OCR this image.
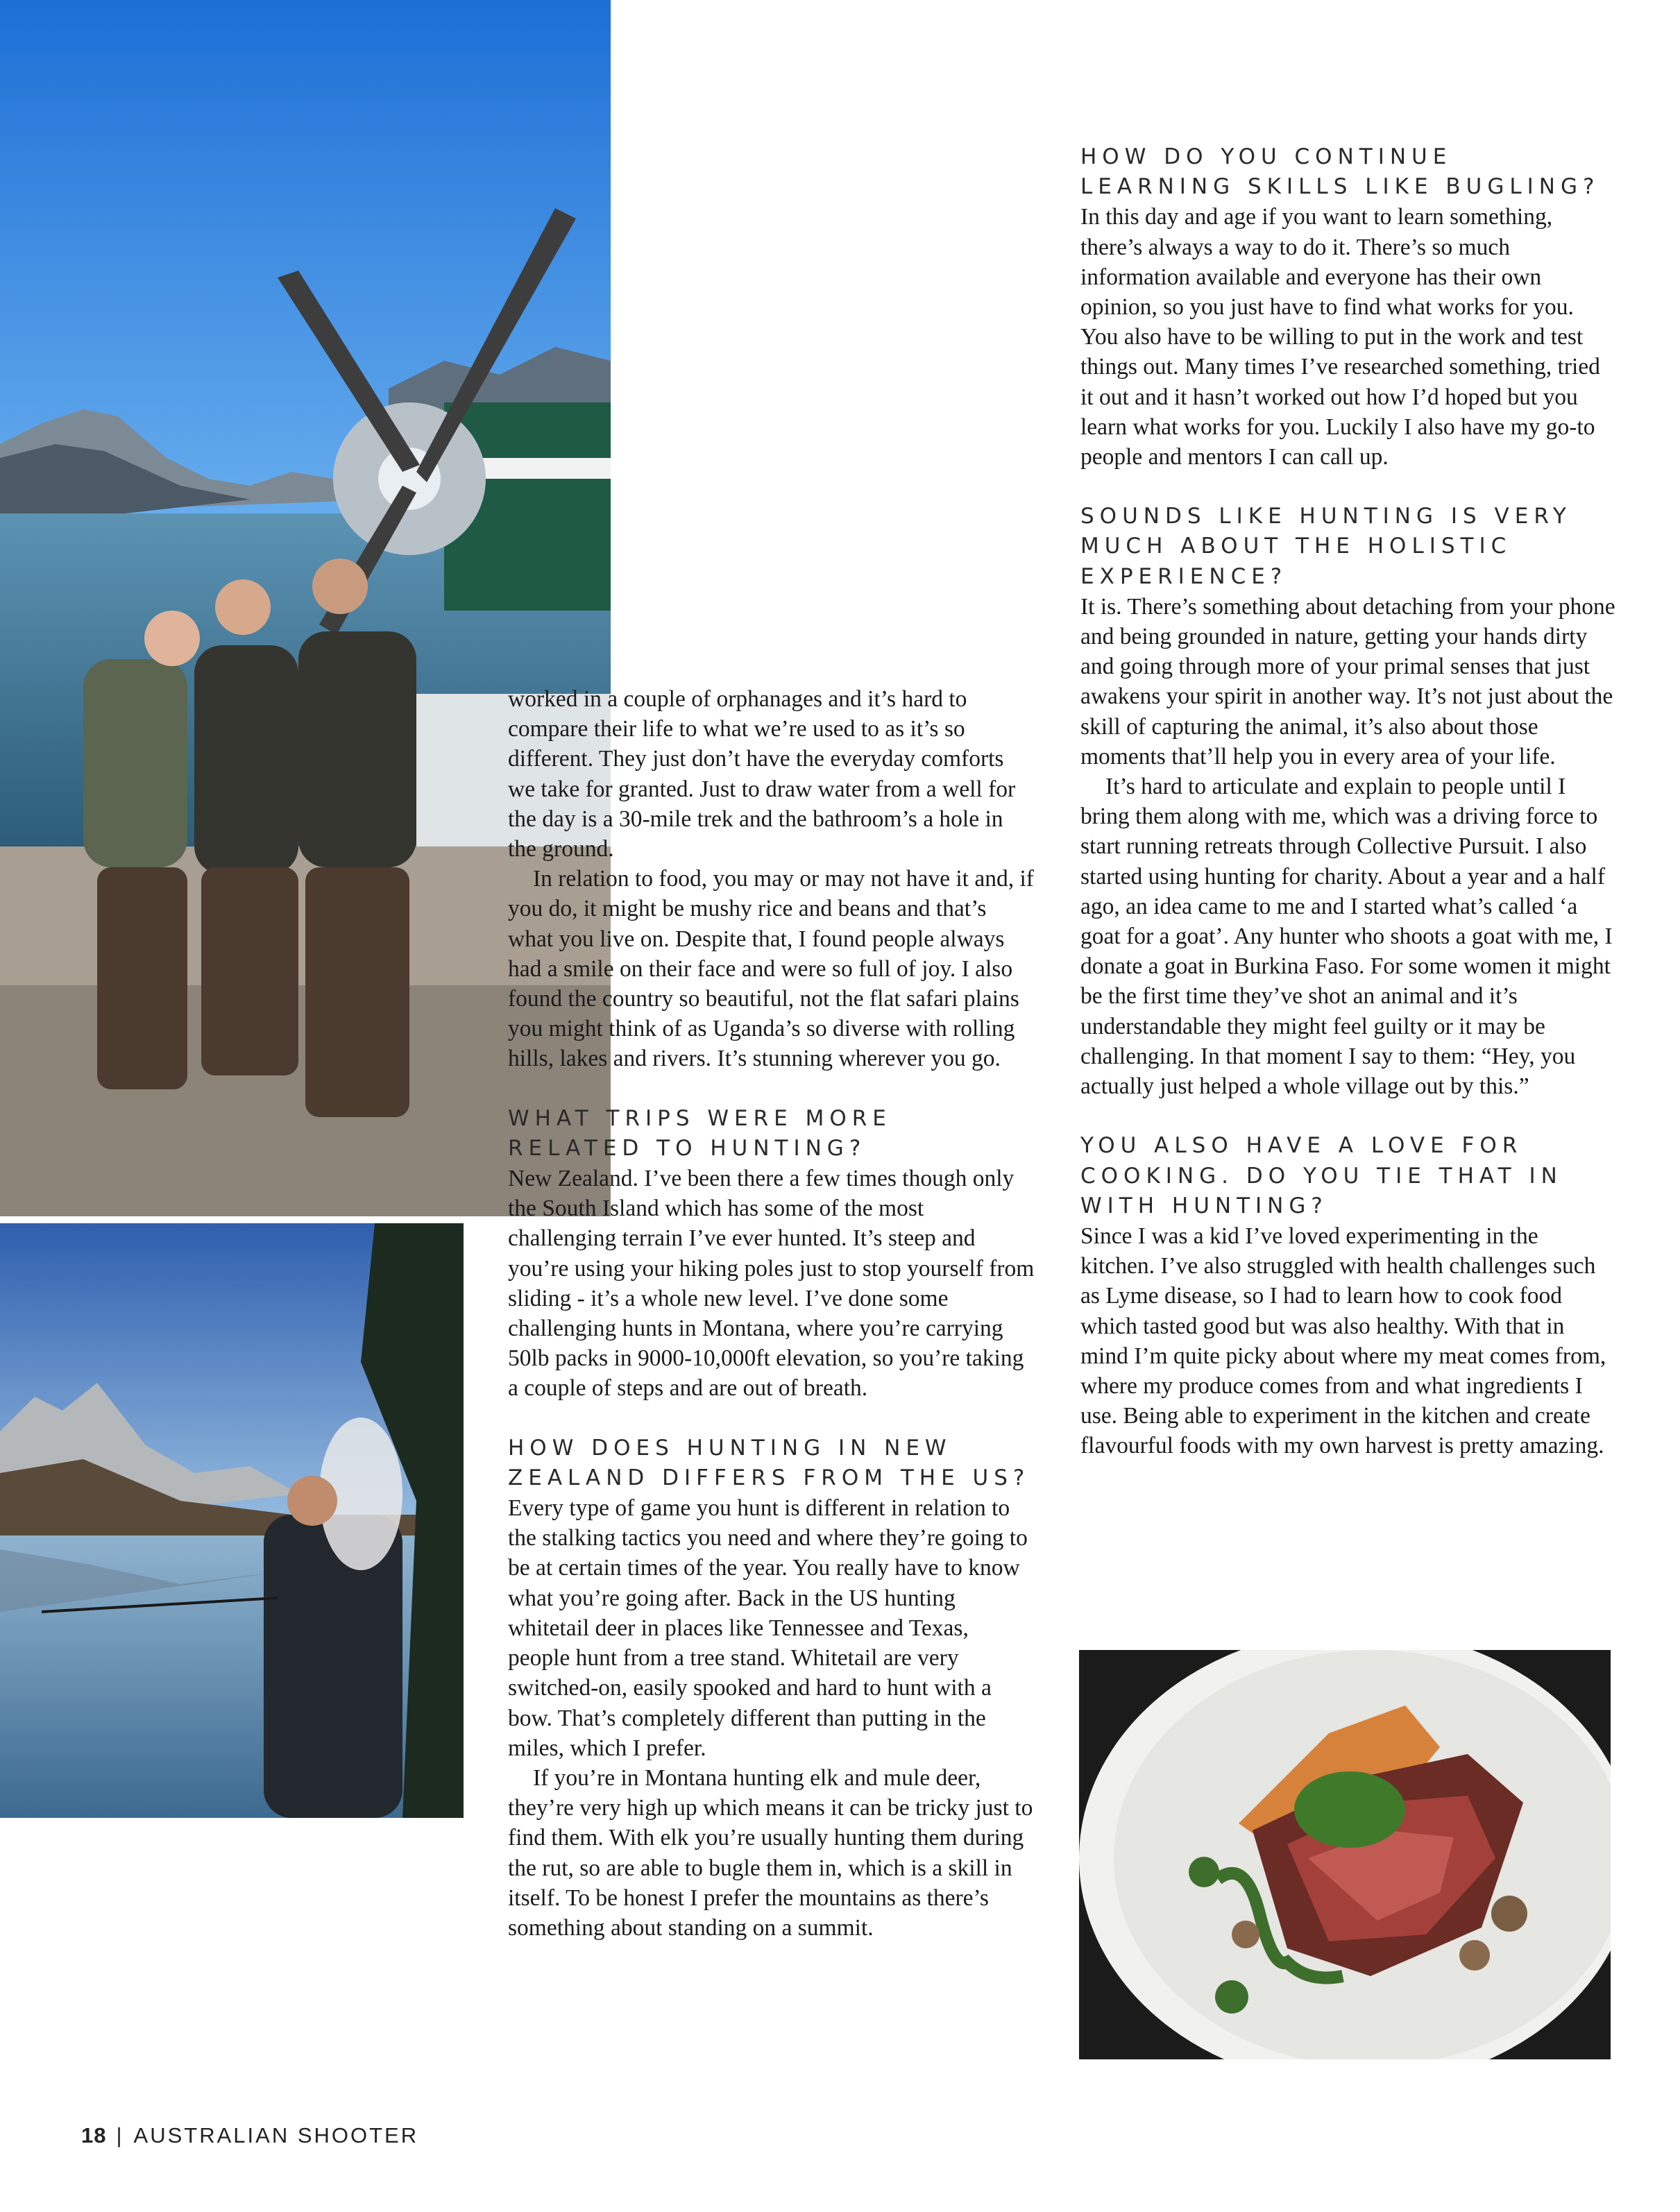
worked in a couple of orphanages and it’s hard to compare their life to what we’re used to as it’s so different. They just don’t have the everyday comforts we take for granted. Just to draw water from a well for the day is a 30-mile trek and the bathroom’s a hole in the ground.

In relation to food, you may or may not have it and, if you do, it might be mushy rice and beans and that’s what you live on. Despite that, I found people always had a smile on their face and were so full of joy. I also found the country so beautiful, not the flat safari plains you might think of as Uganda’s so diverse with rolling hills, lakes and rivers. It’s stunning wherever you go.

WHAT TRIPS WERE MORE RELATED TO HUNTING?

New Zealand. I’ve been there a few times though only the South Island which has some of the most challenging terrain I’ve ever hunted. It’s steep and you’re using your hiking poles just to stop yourself from sliding - it’s a whole new level. I’ve done some challenging hunts in Montana, where you’re carrying 50lb packs in 9000-10,000ft elevation, so you’re taking a couple of steps and are out of breath.

HOW DOES HUNTING IN NEW ZEALAND DIFFERS FROM THE US?

Every type of game you hunt is different in relation to the stalking tactics you need and where they’re going to be at certain times of the year. You really have to know what you’re going after. Back in the US hunting whitetail deer in places like Tennessee and Texas, people hunt from a tree stand. Whitetail are very switched-on, easily spooked and hard to hunt with a bow. That’s completely different than putting in the miles, which I prefer.

If you’re in Montana hunting elk and mule deer, they’re very high up which means it can be tricky just to find them. With elk you’re usually hunting them during the rut, so are able to bugle them in, which is a skill in itself. To be honest I prefer the mountains as there’s something about standing on a summit.

HOW DO YOU CONTINUE LEARNING SKILLS LIKE BUGLING?

In this day and age if you want to learn something, there’s always a way to do it. There’s so much information available and everyone has their own opinion, so you just have to find what works for you. You also have to be willing to put in the work and test things out. Many times I’ve researched something, tried it out and it hasn’t worked out how I’d hoped but you learn what works for you. Luckily I also have my go-to people and mentors I can call up.

SOUNDS LIKE HUNTING IS VERY MUCH ABOUT THE HOLISTIC EXPERIENCE?

It is. There’s something about detaching from your phone and being grounded in nature, getting your hands dirty and going through more of your primal senses that just awakens your spirit in another way. It’s not just about the skill of capturing the animal, it’s also about those moments that’ll help you in every area of your life.

It’s hard to articulate and explain to people until I bring them along with me, which was a driving force to start running retreats through Collective Pursuit. I also started using hunting for charity. About a year and a half ago, an idea came to me and I started what’s called ‘a goat for a goat’. Any hunter who shoots a goat with me, I donate a goat in Burkina Faso. For some women it might be the first time they’ve shot an animal and it’s understandable they might feel guilty or it may be challenging. In that moment I say to them: “Hey, you actually just helped a whole village out by this.”

YOU ALSO HAVE A LOVE FOR COOKING. DO YOU TIE THAT IN WITH HUNTING?

Since I was a kid I’ve loved experimenting in the kitchen. I’ve also struggled with health challenges such as Lyme disease, so I had to learn how to cook food which tasted good but was also healthy. With that in mind I’m quite picky about where my meat comes from, where my produce comes from and what ingredients I use. Being able to experiment in the kitchen and create flavourful foods with my own harvest is pretty amazing.

18 | AUSTRALIAN SHOOTER
